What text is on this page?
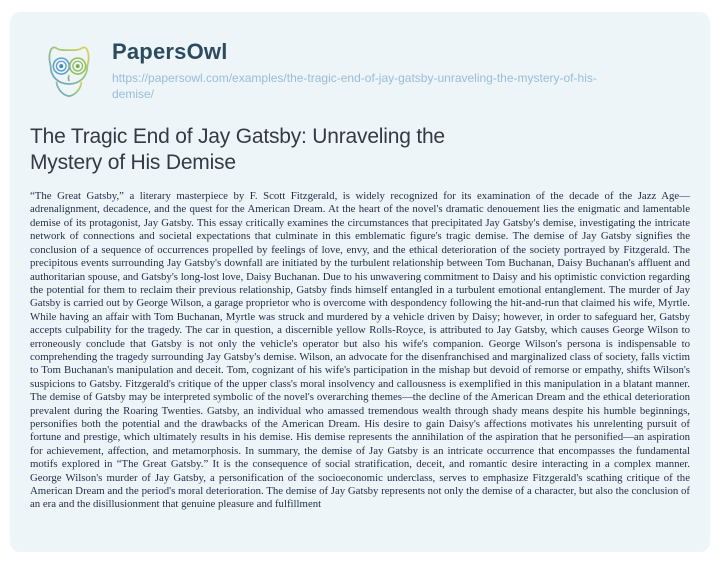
PapersOwl
https://papersowl.com/examples/the-tragic-end-of-jay-gatsby-unraveling-the-mystery-of-his-demise/
The Tragic End of Jay Gatsby: Unraveling the Mystery of His Demise

“The Great Gatsby,” a literary masterpiece by F. Scott Fitzgerald, is widely recognized for its examination of the decade of the Jazz Age—adrenalignment, decadence, and the quest for the American Dream. At the heart of the novel's dramatic denouement lies the enigmatic and lamentable demise of its protagonist, Jay Gatsby. This essay critically examines the circumstances that precipitated Jay Gatsby's demise, investigating the intricate network of connections and societal expectations that culminate in this emblematic figure's tragic demise. The demise of Jay Gatsby signifies the conclusion of a sequence of occurrences propelled by feelings of love, envy, and the ethical deterioration of the society portrayed by Fitzgerald. The precipitous events surrounding Jay Gatsby's downfall are initiated by the turbulent relationship between Tom Buchanan, Daisy Buchanan's affluent and authoritarian spouse, and Gatsby's long-lost love, Daisy Buchanan. Due to his unwavering commitment to Daisy and his optimistic conviction regarding the potential for them to reclaim their previous relationship, Gatsby finds himself entangled in a turbulent emotional entanglement. The murder of Jay Gatsby is carried out by George Wilson, a garage proprietor who is overcome with despondency following the hit-and-run that claimed his wife, Myrtle. While having an affair with Tom Buchanan, Myrtle was struck and murdered by a vehicle driven by Daisy; however, in order to safeguard her, Gatsby accepts culpability for the tragedy. The car in question, a discernible yellow Rolls-Royce, is attributed to Jay Gatsby, which causes George Wilson to erroneously conclude that Gatsby is not only the vehicle's operator but also his wife's companion. George Wilson's persona is indispensable to comprehending the tragedy surrounding Jay Gatsby's demise. Wilson, an advocate for the disenfranchised and marginalized class of society, falls victim to Tom Buchanan's manipulation and deceit. Tom, cognizant of his wife's participation in the mishap but devoid of remorse or empathy, shifts Wilson's suspicions to Gatsby. Fitzgerald's critique of the upper class's moral insolvency and callousness is exemplified in this manipulation in a blatant manner. The demise of Gatsby may be interpreted symbolic of the novel's overarching themes—the decline of the American Dream and the ethical deterioration prevalent during the Roaring Twenties. Gatsby, an individual who amassed tremendous wealth through shady means despite his humble beginnings, personifies both the potential and the drawbacks of the American Dream. His desire to gain Daisy's affections motivates his unrelenting pursuit of fortune and prestige, which ultimately results in his demise. His demise represents the annihilation of the aspiration that he personified—an aspiration for achievement, affection, and metamorphosis. In summary, the demise of Jay Gatsby is an intricate occurrence that encompasses the fundamental motifs explored in “The Great Gatsby.” It is the consequence of social stratification, deceit, and romantic desire interacting in a complex manner. George Wilson's murder of Jay Gatsby, a personification of the socioeconomic underclass, serves to emphasize Fitzgerald's scathing critique of the American Dream and the period's moral deterioration. The demise of Jay Gatsby represents not only the demise of a character, but also the conclusion of an era and the disillusionment that genuine pleasure and fulfillment
